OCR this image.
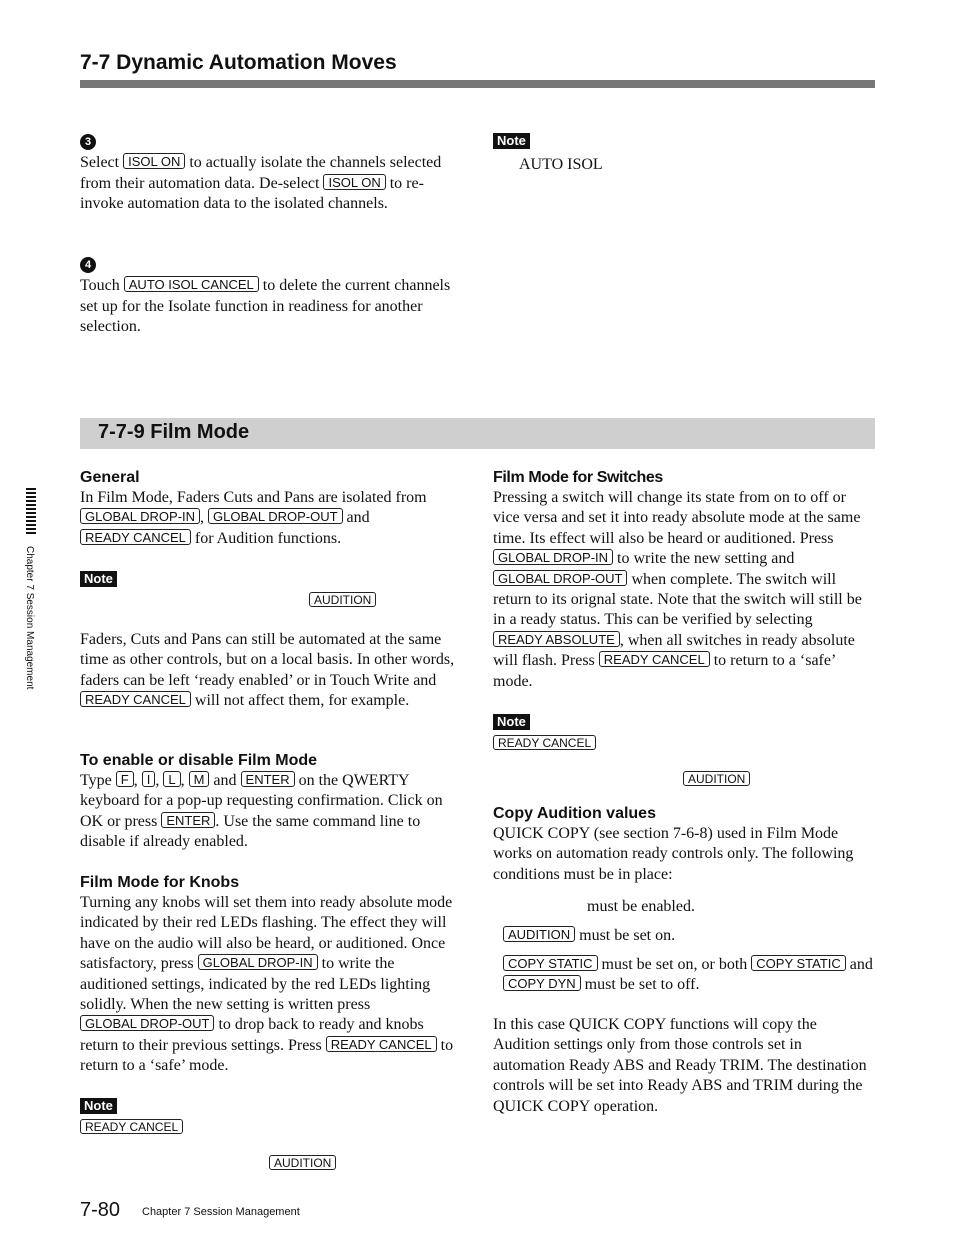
7-7 Dynamic Automation Moves
3

Select ISOL ON to actually isolate the channels selected from their automation data. De-select ISOL ON to re-invoke automation data to the isolated channels.

4

Touch AUTO ISOL CANCEL to delete the current channels set up for the Isolate function in readiness for another selection.

Note
AUTO ISOL
7-7-9 Film Mode
General

In Film Mode, Faders Cuts and Pans are isolated from GLOBAL DROP-IN , GLOBAL DROP-OUT and READY CANCEL for Audition functions.

Note
AUDITION

Faders, Cuts and Pans can still be automated at the same time as other controls, but on a local basis. In other words, faders can be left ‘ready enabled’ or in Touch Write and READY CANCEL will not affect them, for example.

To enable or disable Film Mode

Type F , I , L , M and ENTER on the QWERTY keyboard for a pop-up requesting confirmation. Click on OK or press ENTER . Use the same command line to disable if already enabled.

Film Mode for Knobs

Turning any knobs will set them into ready absolute mode indicated by their red LEDs flashing. The effect they will have on the audio will also be heard, or auditioned. Once satisfactory, press GLOBAL DROP-IN to write the auditioned settings, indicated by the red LEDs lighting solidly. When the new setting is written press GLOBAL DROP-OUT to drop back to ready and knobs return to their previous settings. Press READY CANCEL to return to a ‘safe’ mode.

Note
READY CANCEL
AUDITION
Film Mode for Switches

Pressing a switch will change its state from on to off or vice versa and set it into ready absolute mode at the same time. Its effect will also be heard or auditioned. Press GLOBAL DROP-IN to write the new setting and GLOBAL DROP-OUT when complete. The switch will return to its orignal state. Note that the switch will still be in a ready status. This can be verified by selecting READY ABSOLUTE , when all switches in ready absolute will flash. Press READY CANCEL to return to a ‘safe’ mode.

Note
READY CANCEL
AUDITION
Copy Audition values

QUICK COPY (see section 7-6-8) used in Film Mode works on automation ready controls only. The following conditions must be in place:

must be enabled.
AUDITION must be set on.
COPY STATIC must be set on, or both COPY STATIC and COPY DYN must be set to off.

In this case QUICK COPY functions will copy the Audition settings only from those controls set in automation Ready ABS and Ready TRIM. The destination controls will be set into Ready ABS and TRIM during the QUICK COPY operation.

Chapter 7 Session Management
7-80 Chapter 7 Session Management
